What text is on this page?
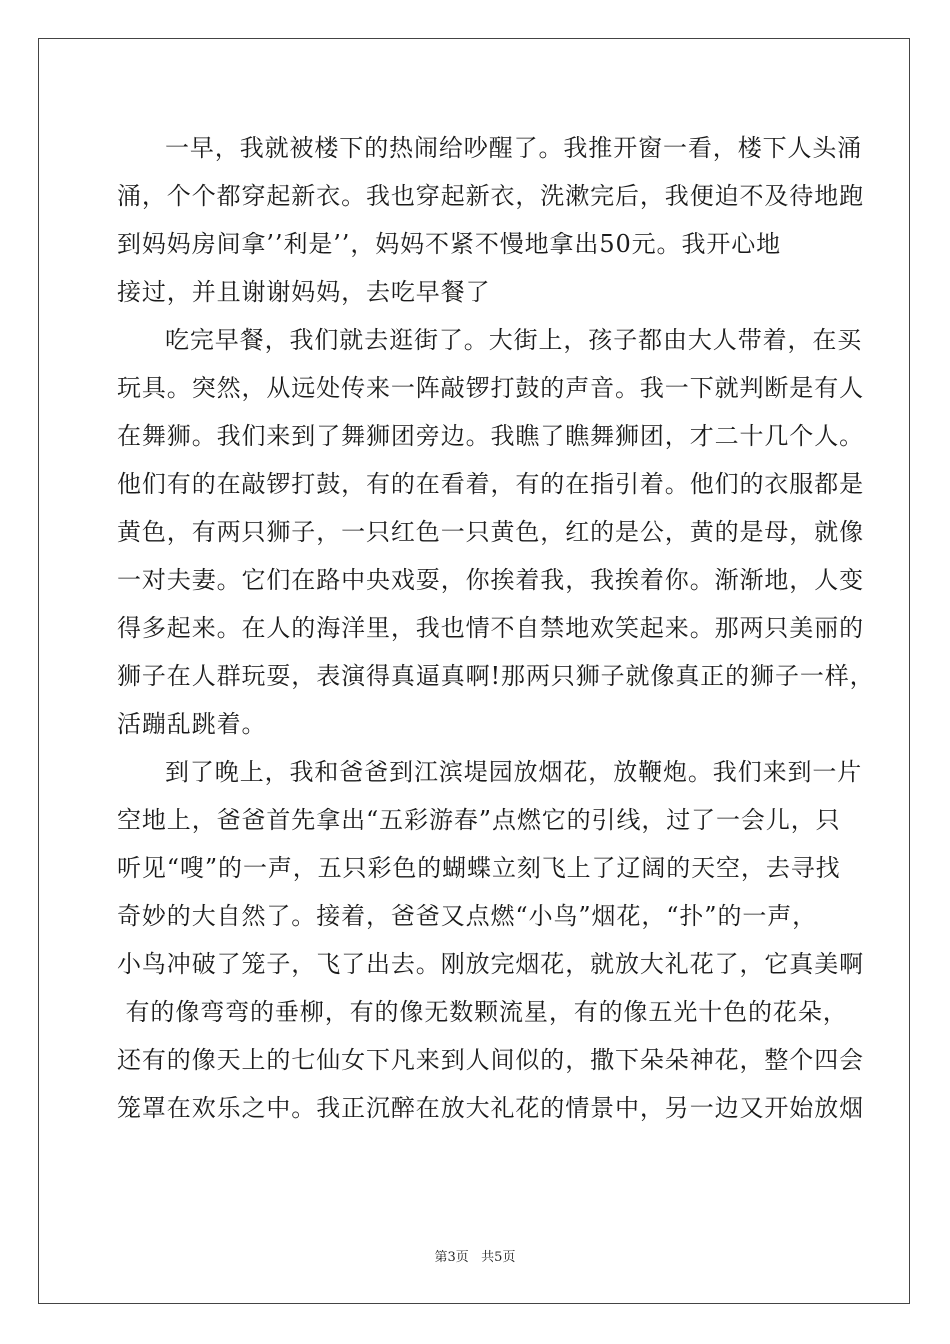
一早，我就被楼下的热闹给吵醒了。我推开窗一看，楼下人头涌
涌，个个都穿起新衣。我也穿起新衣，洗漱完后，我便迫不及待地跑
到妈妈房间拿’’利是’’，妈妈不紧不慢地拿出50元。我开心地
接过，并且谢谢妈妈，去吃早餐了
吃完早餐，我们就去逛街了。大街上，孩子都由大人带着，在买
玩具。突然，从远处传来一阵敲锣打鼓的声音。我一下就判断是有人
在舞狮。我们来到了舞狮团旁边。我瞧了瞧舞狮团，才二十几个人。
他们有的在敲锣打鼓，有的在看着，有的在指引着。他们的衣服都是
黄色，有两只狮子，一只红色一只黄色，红的是公，黄的是母，就像
一对夫妻。它们在路中央戏耍，你挨着我，我挨着你。渐渐地，人变
得多起来。在人的海洋里，我也情不自禁地欢笑起来。那两只美丽的
狮子在人群玩耍，表演得真逼真啊!那两只狮子就像真正的狮子一样，
活蹦乱跳着。
到了晚上，我和爸爸到江滨堤园放烟花，放鞭炮。我们来到一片
空地上，爸爸首先拿出“五彩游春”点燃它的引线，过了一会儿，只
听见“嗖”的一声，五只彩色的蝴蝶立刻飞上了辽阔的天空，去寻找
奇妙的大自然了。接着，爸爸又点燃“小鸟”烟花，“扑”的一声，
小鸟冲破了笼子，飞了出去。刚放完烟花，就放大礼花了，它真美啊
有的像弯弯的垂柳，有的像无数颗流星，有的像五光十色的花朵，
还有的像天上的七仙女下凡来到人间似的，撒下朵朵神花，整个四会
笼罩在欢乐之中。我正沉醉在放大礼花的情景中，另一边又开始放烟
第3页   共5页
